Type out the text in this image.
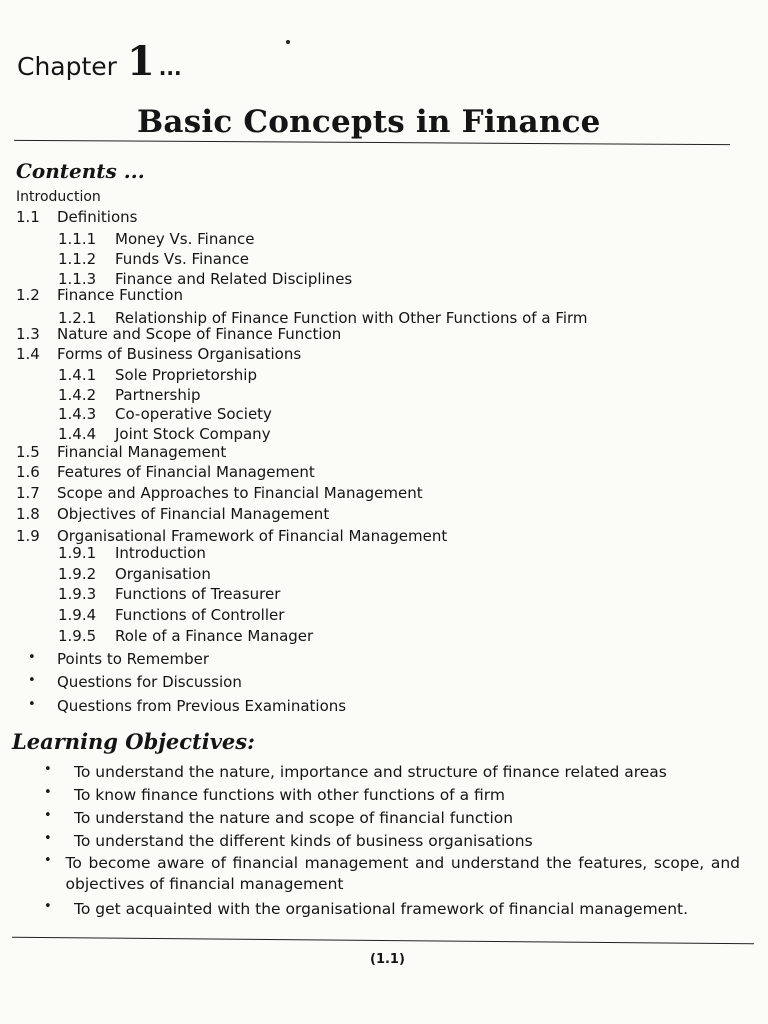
Chapter 1 ...
Basic Concepts in Finance
Contents ...
Introduction
1.1	Definitions
1.1.1	Money Vs. Finance
1.1.2	Funds Vs. Finance
1.1.3	Finance and Related Disciplines
1.2	Finance Function
1.2.1	Relationship of Finance Function with Other Functions of a Firm
1.3	Nature and Scope of Finance Function
1.4	Forms of Business Organisations
1.4.1	Sole Proprietorship
1.4.2	Partnership
1.4.3	Co-operative Society
1.4.4	Joint Stock Company
1.5	Financial Management
1.6	Features of Financial Management
1.7	Scope and Approaches to Financial Management
1.8	Objectives of Financial Management
1.9	Organisational Framework of Financial Management
1.9.1	Introduction
1.9.2	Organisation
1.9.3	Functions of Treasurer
1.9.4	Functions of Controller
1.9.5	Role of a Finance Manager
•	Points to Remember
•	Questions for Discussion
•	Questions from Previous Examinations
Learning Objectives:
•	To understand the nature, importance and structure of finance related areas
•	To know finance functions with other functions of a firm
•	To understand the nature and scope of financial function
•	To understand the different kinds of business organisations
• To become aware of financial management and understand the features, scope, and objectives of financial management
•	To get acquainted with the organisational framework of financial management.
(1.1)
